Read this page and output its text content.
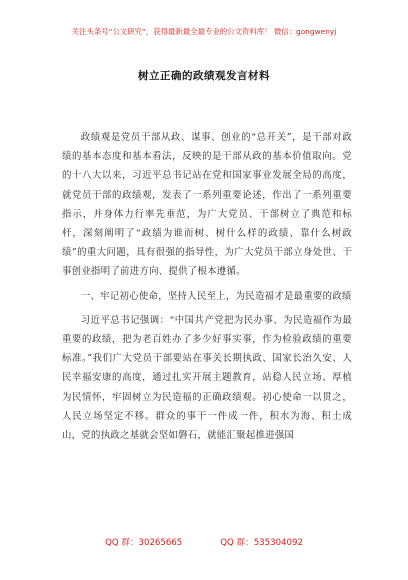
关注头条号“公文研究”，获得最新最全最专业的公文资料库！ 微信：gongwenyj
树立正确的政绩观发言材料

政绩观是党员干部从政、谋事、创业的“总开关”，是干部对政绩的基本态度和基本看法，反映的是干部从政的基本价值取向。党的十八大以来，习近平总书记站在党和国家事业发展全局的高度，就党员干部的政绩观，发表了一系列重要论述，作出了一系列重要指示，并身体力行率先垂范，为广大党员、干部树立了典范和标杆，深刻阐明了“政绩为谁而树、树什么样的政绩、靠什么树政绩”的重大问题，具有很强的指导性，为广大党员干部立身处世、干事创业指明了前进方向、提供了根本遵循。

一、牢记初心使命，坚持人民至上，为民造福才是最重要的政绩

习近平总书记强调：“中国共产党把为民办事、为民造福作为最重要的政绩，把为老百姓办了多少好事实事，作为检验政绩的重要标准。”我们广大党员干部要站在事关长期执政、国家长治久安、人民幸福安康的高度，通过扎实开展主题教育，站稳人民立场、厚植为民情怀，牢固树立为民造福的正确政绩观。初心使命一以贯之，人民立场坚定不移。群众的事干一件成一件，积水为海、积土成山，党的执政之基就会坚如磐石，就能汇聚起推进强国

QQ 群：30265665	QQ 群：535304092
